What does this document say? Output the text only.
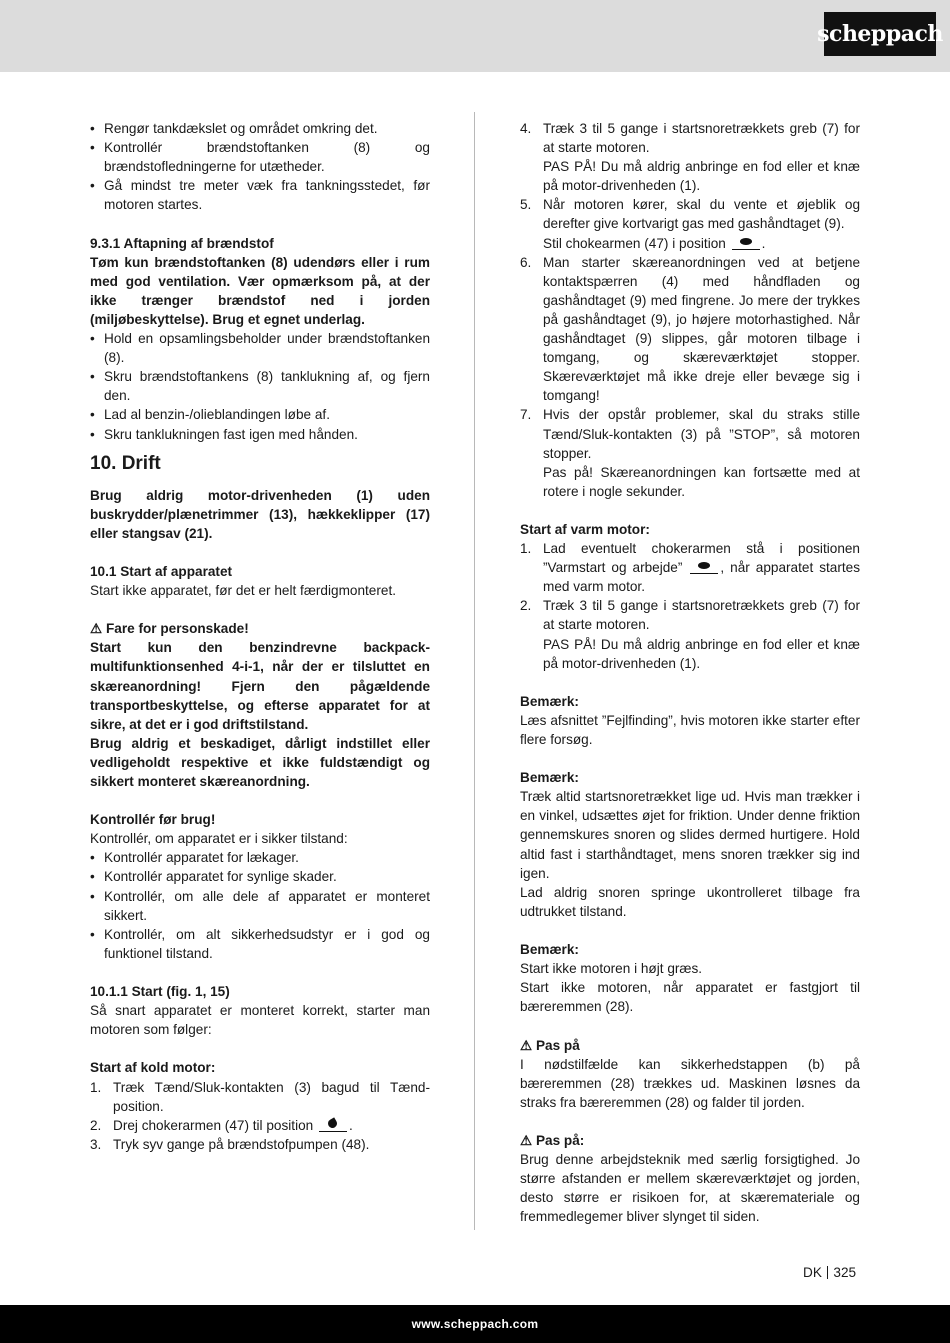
scheppach
• Rengør tankdækslet og området omkring det.
• Kontrollér brændstoftanken (8) og brændstofledningerne for utætheder.
• Gå mindst tre meter væk fra tankningsstedet, før motoren startes.

9.3.1 Aftapning af brændstof

Tøm kun brændstoftanken (8) udendørs eller i rum med god ventilation. Vær opmærksom på, at der ikke trænger brændstof ned i jorden (miljøbeskyttelse). Brug et egnet underlag.

• Hold en opsamlingsbeholder under brændstoftanken (8).
• Skru brændstoftankens (8) tanklukning af, og fjern den.
• Lad al benzin-/olieblandingen løbe af.
• Skru tanklukningen fast igen med hånden.
10. Drift

Brug aldrig motor-drivenheden (1) uden buskrydder/plænetrimmer (13), hækkeklipper (17) eller stangsav (21).

10.1 Start af apparatet

Start ikke apparatet, før det er helt færdigmonteret.

⚠ Fare for personskade!

Start kun den benzindrevne backpack-multifunktionsenhed 4-i-1, når der er tilsluttet en skæreanordning! Fjern den pågældende transportbeskyttelse, og efterse apparatet for at sikre, at det er i god driftstilstand.

Brug aldrig et beskadiget, dårligt indstillet eller vedligeholdt respektive et ikke fuldstændigt og sikkert monteret skæreanordning.

Kontrollér før brug!

Kontrollér, om apparatet er i sikker tilstand:

• Kontrollér apparatet for lækager.
• Kontrollér apparatet for synlige skader.
• Kontrollér, om alle dele af apparatet er monteret sikkert.
• Kontrollér, om alt sikkerhedsudstyr er i god og funktionel tilstand.

10.1.1 Start (fig. 1, 15)

Så snart apparatet er monteret korrekt, starter man motoren som følger:

Start af kold motor:

1. Træk Tænd/Sluk-kontakten (3) bagud til Tænd-position.
2. Drej chokerarmen (47) til position	.
3. Tryk syv gange på brændstofpumpen (48).
4. Træk 3 til 5 gange i startsnoretrækkets greb (7) for at starte motoren.

PAS PÅ! Du må aldrig anbringe en fod eller et knæ på motor-drivenheden (1).

5. Når motoren kører, skal du vente et øjeblik og derefter give kortvarigt gas med gashåndtaget (9).

Stil chokearmen (47) i position	.

6. Man starter skæreanordningen ved at betjene kontaktspærren (4) med håndfladen og gashåndtaget (9) med fingrene. Jo mere der trykkes på gashåndtaget (9), jo højere motorhastighed. Når gashåndtaget (9) slippes, går motoren tilbage i tomgang, og skæreværktøjet stopper. Skæreværktøjet må ikke dreje eller bevæge sig i tomgang!

7. Hvis der opstår problemer, skal du straks stille Tænd/Sluk-kontakten (3) på ”STOP”, så motoren stopper.

Pas på! Skæreanordningen kan fortsætte med at rotere i nogle sekunder.

Start af varm motor:

1. Lad eventuelt chokerarmen stå i positionen ”Varmstart og arbejde”	, når apparatet startes med varm motor.

2. Træk 3 til 5 gange i startsnoretrækkets greb (7) for at starte motoren.

PAS PÅ! Du må aldrig anbringe en fod eller et knæ på motor-drivenheden (1).

Bemærk:

Læs afsnittet ”Fejlfinding”, hvis motoren ikke starter efter flere forsøg.

Bemærk:

Træk altid startsnoretrækket lige ud. Hvis man trækker i en vinkel, udsættes øjet for friktion. Under denne friktion gennemskures snoren og slides dermed hurtigere. Hold altid fast i starthåndtaget, mens snoren trækker sig ind igen.

Lad aldrig snoren springe ukontrolleret tilbage fra udtrukket tilstand.

Bemærk:

Start ikke motoren i højt græs.

Start ikke motoren, når apparatet er fastgjort til bæreremmen (28).

⚠ Pas på

I nødstilfælde kan sikkerhedstappen (b) på bæreremmen (28) trækkes ud. Maskinen løsnes da straks fra bæreremmen (28) og falder til jorden.

⚠ Pas på:

Brug denne arbejdsteknik med særlig forsigtighed. Jo større afstanden er mellem skæreværktøjet og jorden, desto større er risikoen for, at skæremateriale og fremmedlegemer bliver slynget til siden.

DK 325
www.scheppach.com
